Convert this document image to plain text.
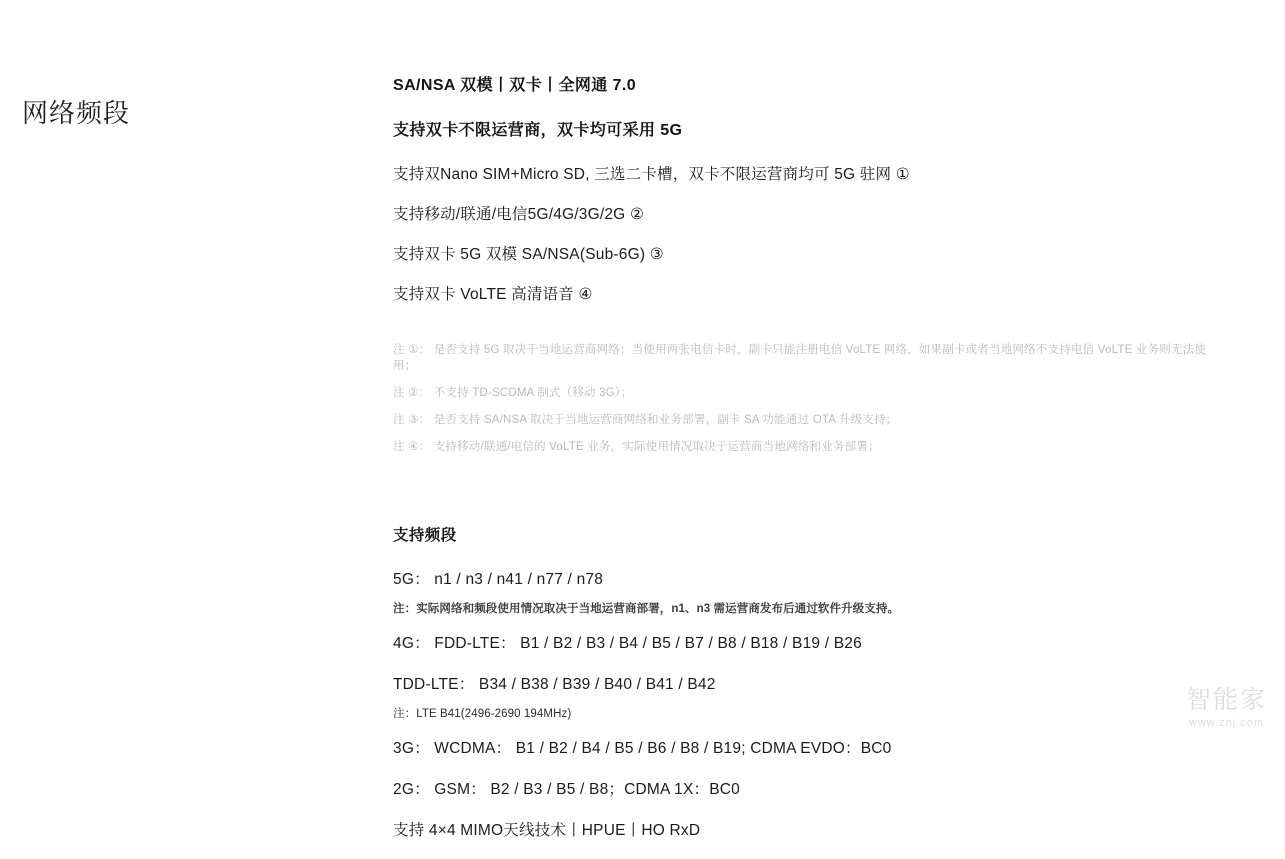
网络频段

SA/NSA 双模丨双卡丨全网通 7.0

支持双卡不限运营商，双卡均可采用 5G

支持双Nano SIM+Micro SD, 三选二卡槽，双卡不限运营商均可 5G 驻网 ①

支持移动/联通/电信5G/4G/3G/2G ②

支持双卡 5G 双模 SA/NSA(Sub-6G) ③

支持双卡 VoLTE 高清语音 ④

注 ①： 是否支持 5G 取决于当地运营商网络；当使用两张电信卡时，副卡只能注册电信 VoLTE 网络，如果副卡或者当地网络不支持电信 VoLTE 业务则无法使用；

注 ②： 不支持 TD-SCDMA 制式（移动 3G）；

注 ③： 是否支持 SA/NSA 取决于当地运营商网络和业务部署，副卡 SA 功能通过 OTA 升级支持；

注 ④： 支持移动/联通/电信的 VoLTE 业务，实际使用情况取决于运营商当地网络和业务部署；

支持频段

5G： n1 / n3 / n41 / n77 / n78

注：实际网络和频段使用情况取决于当地运营商部署，n1、n3 需运营商发布后通过软件升级支持。

4G： FDD-LTE： B1 / B2 / B3 / B4 / B5 / B7 / B8 / B18 / B19 / B26

TDD-LTE： B34 / B38 / B39 / B40 / B41 / B42

注：LTE B41(2496-2690 194MHz)

3G： WCDMA： B1 / B2 / B4 / B5 / B6 / B8 / B19; CDMA EVDO：BC0

2G： GSM： B2 / B3 / B5 / B8；CDMA 1X：BC0

支持 4×4 MIMO天线技术丨HPUE丨HO RxD

智能家
www.znj.com
